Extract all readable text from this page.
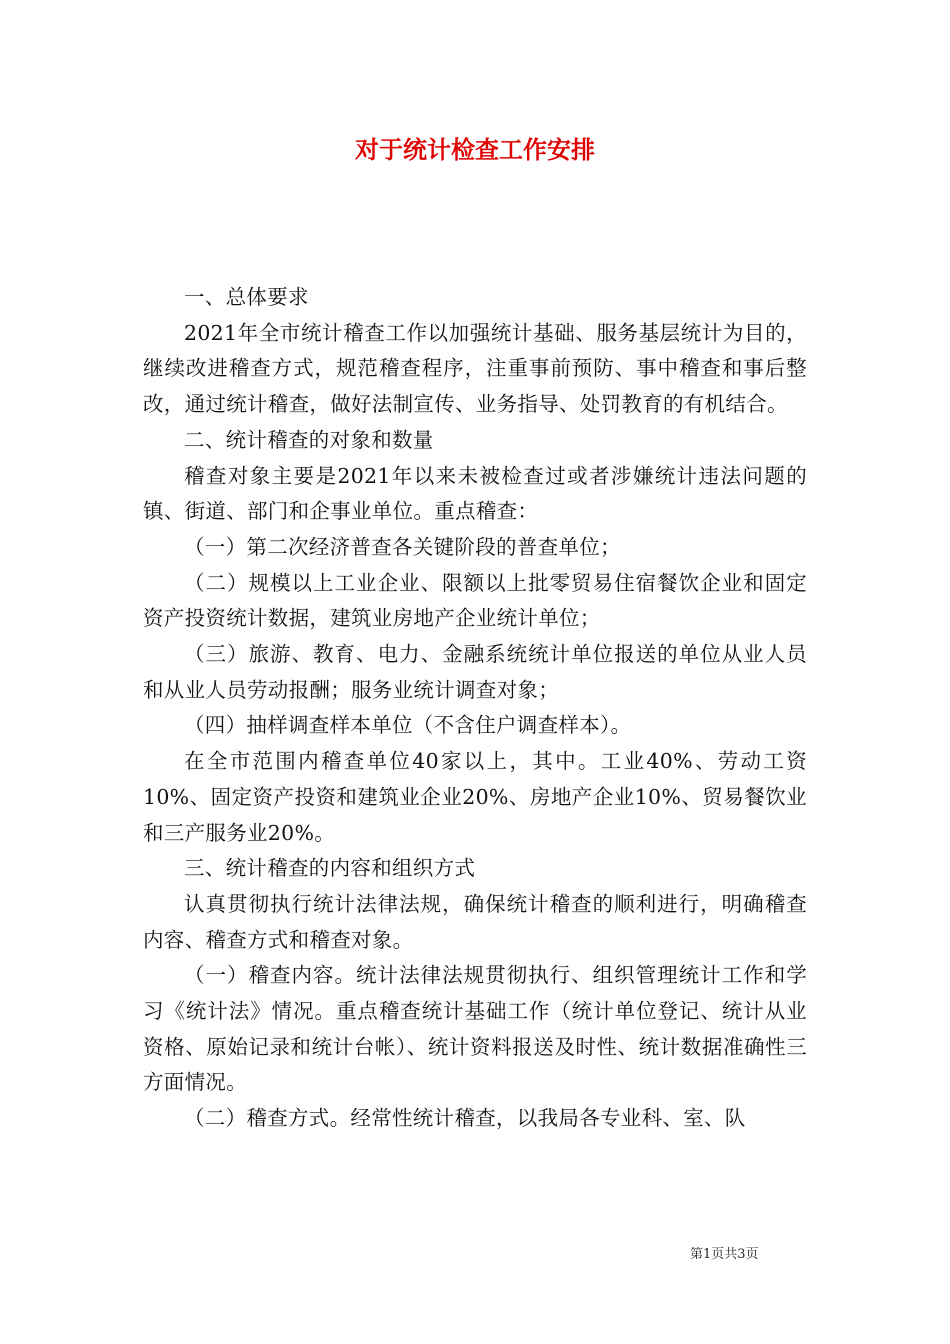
对于统计检查工作安排

一、总体要求

2021年全市统计稽查工作以加强统计基础、服务基层统计为目的，继续改进稽查方式，规范稽查程序，注重事前预防、事中稽查和事后整改，通过统计稽查，做好法制宣传、业务指导、处罚教育的有机结合。

二、统计稽查的对象和数量

稽查对象主要是2021年以来未被检查过或者涉嫌统计违法问题的镇、街道、部门和企事业单位。重点稽查：

（一）第二次经济普查各关键阶段的普查单位；

（二）规模以上工业企业、限额以上批零贸易住宿餐饮企业和固定资产投资统计数据，建筑业房地产企业统计单位；

（三）旅游、教育、电力、金融系统统计单位报送的单位从业人员和从业人员劳动报酬；服务业统计调查对象；

（四）抽样调查样本单位（不含住户调查样本）。

在全市范围内稽查单位40家以上，其中。工业40%、劳动工资10%、固定资产投资和建筑业企业20%、房地产企业10%、贸易餐饮业和三产服务业20%。

三、统计稽查的内容和组织方式

认真贯彻执行统计法律法规，确保统计稽查的顺利进行，明确稽查内容、稽查方式和稽查对象。

（一）稽查内容。统计法律法规贯彻执行、组织管理统计工作和学习《统计法》情况。重点稽查统计基础工作（统计单位登记、统计从业资格、原始记录和统计台帐）、统计资料报送及时性、统计数据准确性三方面情况。

（二）稽查方式。经常性统计稽查，以我局各专业科、室、队

第1页共3页
